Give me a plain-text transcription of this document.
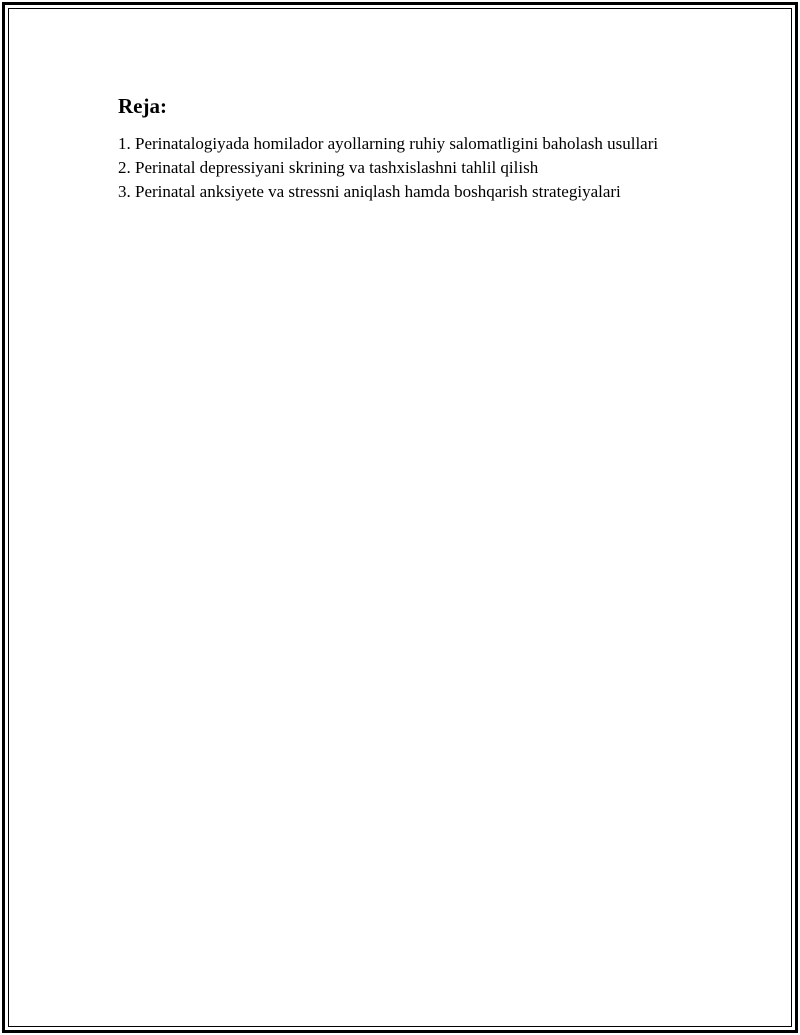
Reja:
1. Perinatalogiyada homilador ayollarning ruhiy salomatligini baholash usullari
2. Perinatal depressiyani skrining va tashxislashni tahlil qilish
3. Perinatal anksiyete va stressni aniqlash hamda boshqarish strategiyalari
